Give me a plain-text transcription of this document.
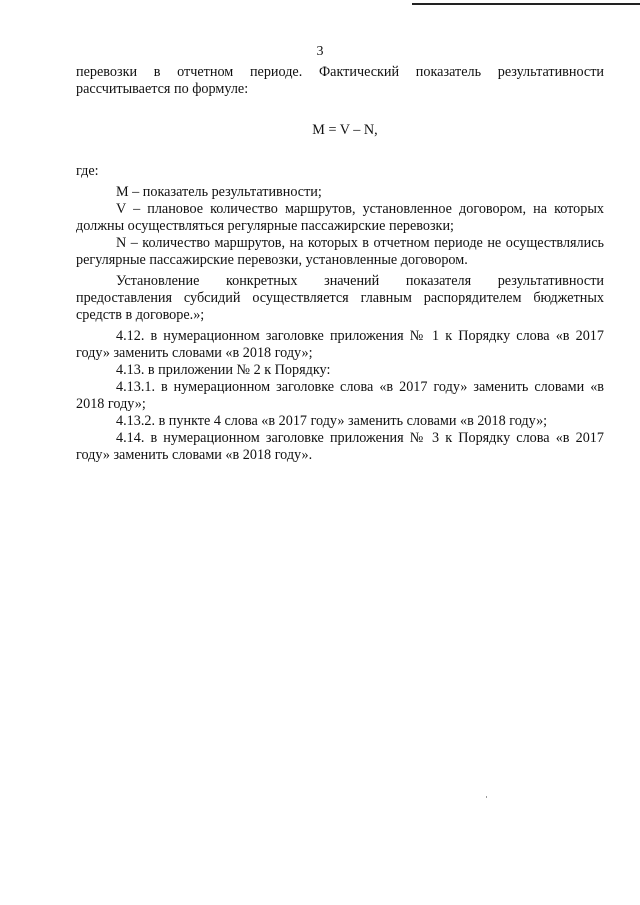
3

перевозки в отчетном периоде. Фактический показатель результативности рассчитывается по формуле:

M = V – N,

где:

M – показатель результативности;

V – плановое количество маршрутов, установленное договором, на которых должны осуществляться регулярные пассажирские перевозки;

N – количество маршрутов, на которых в отчетном периоде не осуществлялись регулярные пассажирские перевозки, установленные договором.

Установление конкретных значений показателя результативности предоставления субсидий осуществляется главным распорядителем бюджетных средств в договоре.»;

4.12. в нумерационном заголовке приложения № 1 к Порядку слова «в 2017 году» заменить словами «в 2018 году»;

4.13. в приложении № 2 к Порядку:

4.13.1. в нумерационном заголовке слова «в 2017 году» заменить словами «в 2018 году»;

4.13.2. в пункте 4 слова «в 2017 году» заменить словами «в 2018 году»;

4.14. в нумерационном заголовке приложения № 3 к Порядку слова «в 2017 году» заменить словами «в 2018 году».
